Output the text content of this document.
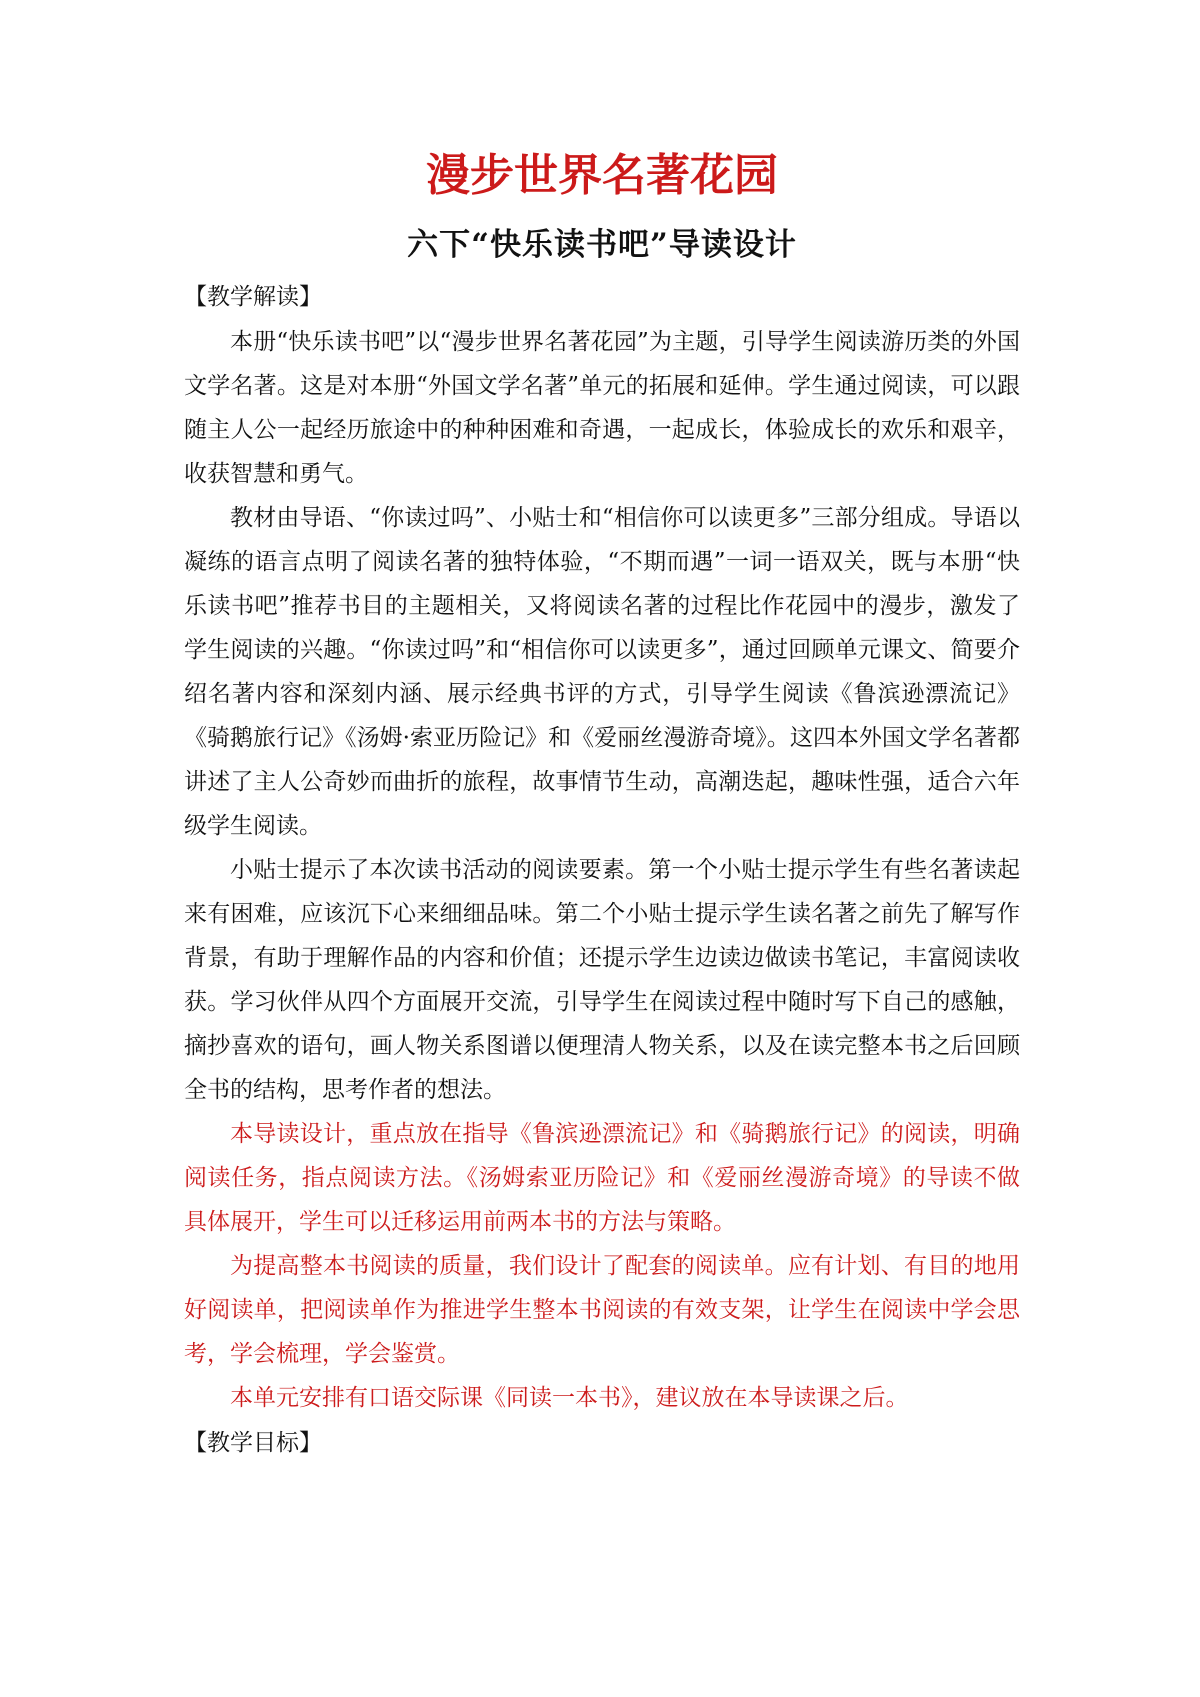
漫步世界名著花园
六下“快乐读书吧”导读设计

【教学解读】

本册“快乐读书吧”以“漫步世界名著花园”为主题，引导学生阅读游历类的外国文学名著。这是对本册“外国文学名著”单元的拓展和延伸。学生通过阅读，可以跟随主人公一起经历旅途中的种种困难和奇遇，一起成长，体验成长的欢乐和艰辛，收获智慧和勇气。

教材由导语、“你读过吗”、小贴士和“相信你可以读更多”三部分组成。导语以凝练的语言点明了阅读名著的独特体验，“不期而遇”一词一语双关，既与本册“快乐读书吧”推荐书目的主题相关，又将阅读名著的过程比作花园中的漫步，激发了学生阅读的兴趣。“你读过吗”和“相信你可以读更多”，通过回顾单元课文、简要介绍名著内容和深刻内涵、展示经典书评的方式，引导学生阅读《鲁滨逊漂流记》《骑鹅旅行记》《汤姆·索亚历险记》和《爱丽丝漫游奇境》。这四本外国文学名著都讲述了主人公奇妙而曲折的旅程，故事情节生动，高潮迭起，趣味性强，适合六年级学生阅读。

小贴士提示了本次读书活动的阅读要素。第一个小贴士提示学生有些名著读起来有困难，应该沉下心来细细品味。第二个小贴士提示学生读名著之前先了解写作背景，有助于理解作品的内容和价值；还提示学生边读边做读书笔记，丰富阅读收获。学习伙伴从四个方面展开交流，引导学生在阅读过程中随时写下自己的感触，摘抄喜欢的语句，画人物关系图谱以便理清人物关系，以及在读完整本书之后回顾全书的结构，思考作者的想法。

本导读设计，重点放在指导《鲁滨逊漂流记》和《骑鹅旅行记》的阅读，明确阅读任务，指点阅读方法。《汤姆索亚历险记》和《爱丽丝漫游奇境》的导读不做具体展开，学生可以迁移运用前两本书的方法与策略。

为提高整本书阅读的质量，我们设计了配套的阅读单。应有计划、有目的地用好阅读单，把阅读单作为推进学生整本书阅读的有效支架，让学生在阅读中学会思考，学会梳理，学会鉴赏。

本单元安排有口语交际课《同读一本书》，建议放在本导读课之后。

【教学目标】
